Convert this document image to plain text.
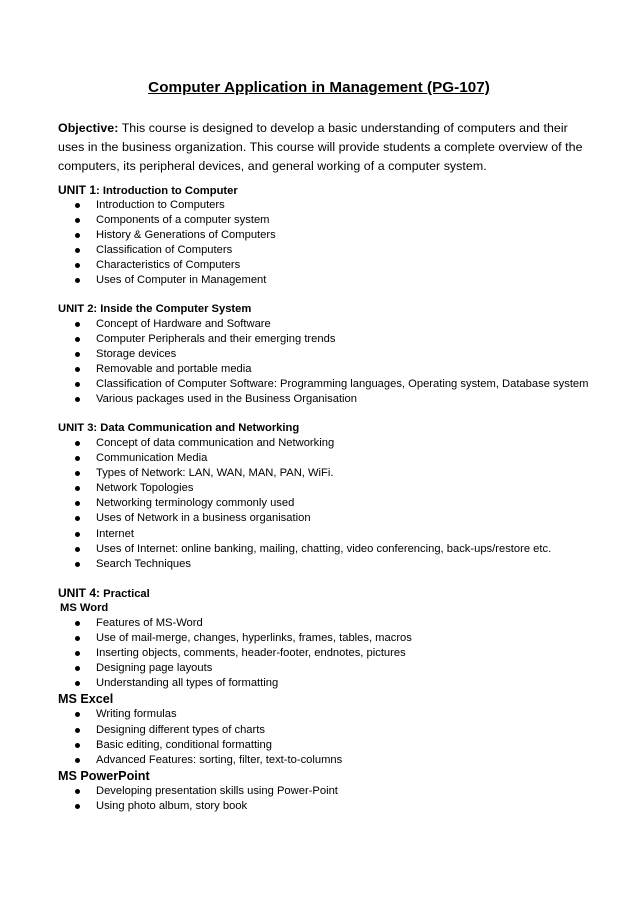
Computer Application in Management (PG-107)
Objective: This course is designed to develop a basic understanding of computers and their uses in the business organization. This course will provide students a complete overview of the computers, its peripheral devices, and general working of a computer system.
UNIT 1: Introduction to Computer
Introduction to Computers
Components of a computer system
History & Generations of Computers
Classification of Computers
Characteristics of Computers
Uses of Computer in Management
UNIT 2: Inside the Computer System
Concept of Hardware and Software
Computer Peripherals and their emerging trends
Storage devices
Removable and portable media
Classification of Computer Software: Programming languages, Operating system, Database system
Various packages used in the Business Organisation
UNIT 3: Data Communication and Networking
Concept of data communication and Networking
Communication Media
Types of Network: LAN, WAN, MAN, PAN, WiFi.
Network Topologies
Networking terminology commonly used
Uses of Network in a business organisation
Internet
Uses of Internet: online banking, mailing, chatting, video conferencing, back-ups/restore etc.
Search Techniques
UNIT 4: Practical
MS Word
Features of MS-Word
Use of mail-merge, changes, hyperlinks, frames, tables, macros
Inserting objects, comments, header-footer, endnotes, pictures
Designing page layouts
Understanding all types of formatting
MS Excel
Writing formulas
Designing different types of charts
Basic editing, conditional formatting
Advanced Features: sorting, filter, text-to-columns
MS PowerPoint
Developing presentation skills using Power-Point
Using photo album, story book
